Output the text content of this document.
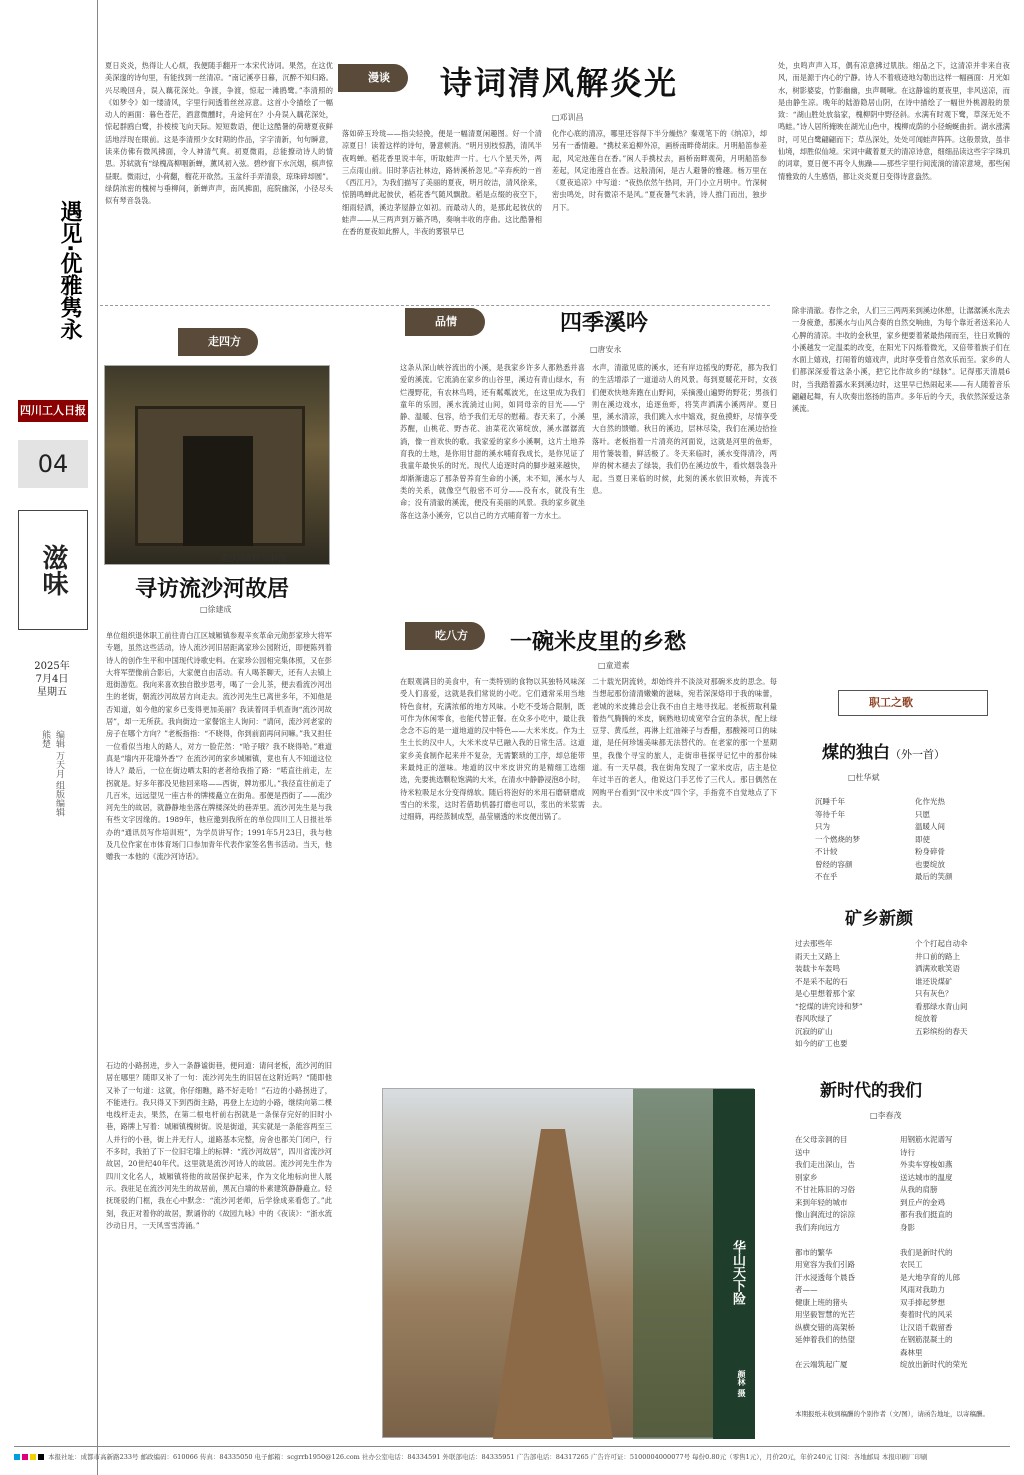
遇见·优雅隽永
四川工人日报
04
滋味
2025年
7月4日
星期五
编辑 万天月 组版编辑 熊楚
夏日炎炎，热得让人心烦，我便随手翻开一本宋代诗词。果然，在这优美深邃的诗句里，有能找到一丝清凉。“南记溪亭日暮，沉醉不知归路。兴尽晚回舟，误入藕花深处。争渡，争渡，惊起一滩鸥鹭。”李清照的《如梦令》如一缕清风，字里行间透着丝丝凉意。这首小令描绘了一幅动人的画面：暮色苍茫，酒意微醺时，舟途何在？小舟误入藕花深处，惊起群鸥白鹭，扑棱棱飞向天际。短短数语，便让这酷暑的荷塘夏夜鲜活地浮现在眼前。这是李清照少女时期的作品，字字清新，句句瞬意，读来仿佛有微风拂面，令人神清气爽。初夏微雨，总能撩动诗人的情思。苏轼就有“绿槐高柳咽新蝉，薰风初入弦。碧纱窗下水沉烟，棋声惊昼眠。微雨过，小荷翻，榴花开欲然。玉盆纤手弄清泉，琼珠碎却圆”。绿荫浓密的槐树与垂柳间，新蝉声声，南风拂面，庭院幽深，小径尽头似有琴音袅袅。
漫谈	诗词清风解炎光
□邓训昌
落如碎玉玲珑——指尖轻挽，便是一幅清夏闲趣图。好一个清凉夏日！读着这样的诗句，暑意顿消。“明月别枝惊鹊，清风半夜鸣蝉。稻花香里说丰年，听取蛙声一片。七八个星天外，两三点雨山前。旧时茅店社林边，路转溪桥忽见。”辛弃疾的一首《西江月》，为我们描写了美丽的夏夜，明月皎洁，清风徐来，惊鹊鸣蝉此起彼伏，稻花香气随风飘散。稻是点缀的夜空下，细雨轻洒，溪边茅屋静立如初。而最动人的，是那此起彼伏的蛙声——从三两声到万籁齐鸣，奏响丰收的序曲。这比酷暑相在香的夏夜如此醉人，半夜的雾银早已
化作心底的清凉，哪里还容得下半分燥热？秦观笔下的《纳凉》，却另有一番情趣。“携杖来追柳外凉，画桥南畔倚胡床。月明船笛参差起，风定池莲自在香。”闲人手携杖去，画桥南畔观荷，月明船笛参差起，风定池莲自在香。这般清闲，是古人避暑的雅趣。杨万里在《夏夜追凉》中写道：“夜热依然午热同，开门小立月明中。竹深树密虫鸣处，时有微凉不是风。”夏夜暑气未消，诗人推门而出，独步月下。
处，虫鸣声声入耳，偶有凉意拂过肌肤。细品之下，这清凉并非来自夜风，而是源于内心的宁静。诗人不着痕迹地勾勒出这样一幅画面：月光如水，树影婆娑，竹影幽幽，虫声啁啾。在这静谧的夏夜里，非风送凉，而是由静生凉。晚年的陆游隐居山阴，在诗中描绘了一幅世外桃源般的景致：“湖山胜处放翁家，槐柳阴中野径斜。水满有时观下鹭，草深无处不鸣蛙。”诗人居所掩映在湖光山色中，槐柳成荫的小径蜿蜒曲折。湖水涨满时，可见白鹭翩翩而下；草丛深处，处处可闻蛙声阵阵。这般景致，虽非仙境，却胜似仙境。宋词中藏着夏天的清凉诗意，细细品读这些字字珠玑的词章，夏日便不再令人焦躁——那些字里行间流淌的清凉意境，那些闲情雅致的人生感悟，都让炎炎夏日变得诗意盎然。
走四方
流沙河故居 资料图
寻访流沙河故居
□徐建成
单位组织退休职工前往青白江区城厢镇参观辛亥革命元勋彭家珍大将军专题，虽然这些活动，诗人流沙河旧居距离家珍公园附近，即便陈列着诗人的创作生平和中国现代诗歌史料。在家珍公园相完集体照，又在彭大将军塑像前合影后，大家便自由活动。有人喝茶聊天，还有人去镇上逛街游览。我向来喜欢独自散步思考，喝了一会儿茶，便去看流沙河出生的老街，朝流沙河故居方向走去。流沙河先生已离世多年，不知他是否知道，如今他的家乡已变得更加美丽？我读着同手机查询“流沙河故居”，却一无所获。我向街边一家餐馆主人询问：“请问，流沙河老家的房子在哪个方向？”老板指指：“不晓得，你到前面再问问嘛。”我又担任一位看似当地人的路人，对方一脸茫然：“哈子哦？我不晓得哈。”难道真是“墙内开花墙外香”？在流沙河的家乡城厢镇，竟也有人不知道这位诗人？最后，一位在街边晒太阳的老者给我指了路：“喏直往前走，左拐就是。好多年都没见他回来咯——西街，牌坊那儿。”我径直往前走了几百米，远远望见一座古朴的牌楼矗立在街角。那便是西街了——流沙河先生的故居，就静静地坐落在牌楼深处的巷弄里。流沙河先生是与我有些文字因缘的。1989年，他应邀到我所在的单位四川工人日报社举办的“通讯员写作培训班”，为学员讲写作；1991年5月23日，我与他及几位作家在市体育场门口参加青年代表作家签名售书活动。当天，他赠我一本他的《流沙河诗话》。
石边的小路拐进，步入一条静谧街巷，便问道：请问老板，流沙河的旧居在哪里？随即又补了一句：流沙河先生的旧居在这附近吗？“随即他又补了一句道：这就，你仔细瞧，路不好走哈！”石边的小路拐进了，不能进行。我只得又下到西街主路，再登上左边的小路，继续向第二棵电线杆走去，果然，在第二根电杆前右拐就是一条保存完好的旧时小巷，路牌上写着：城厢镇槐树街。说是街道，其实就是一条能容两至三人并行的小巷，街上并无行人，道路基本完整，房舍也都关门闭户，行不多时，我拍了下一位旧宅墙上的标牌：“流沙河故居”，四川省流沙河故居，20世纪40年代。这里就是流沙河诗人的故居。流沙河先生作为四川文化名人，城厢镇将他的故居保护起来，作为文化地标向世人展示。我驻足在流沙河先生的故居前，黑瓦白墙的朴素建筑静静矗立。轻抚斑驳的门框，我在心中默念：“流沙河老师，后学徐成来看您了。”此刻，我正对着你的故居，默诵你的《故园九咏》中的《夜读》：“浙水流沙动日月，一天风雪雪涛涌。”
品情	四季溪吟
□唐安永
这条从深山峡谷流出的小溪，是我家乡许多人都熟悉并喜爱的溪流。它流淌在家乡的山谷里，溪边有青山绿水，有烂漫野花，有农林鸟鸣，还有粼粼波光，在这里成为我们童年的乐园，溪水流淌过山间，如同母亲的目光——宁静、温暖、包容，给予我们无尽的慰藉。春天来了，小溪苏醒，山桃花、野杏花、油菜花次第绽放，溪水潺潺流淌，像一首欢快的歌。我家爱的家乡小溪啊，这片土地养育我的土地，是你用甘甜的溪水哺育我成长，是你见证了我童年最快乐的时光。现代人追逐时尚的脚步越来越快，却渐渐遗忘了那条曾养育生命的小溪，未不知，溪水与人类的关系，就像空气般密不可分——没有水，就没有生命；没有清澈的溪流，便没有美丽的风景。我的家乡就坐落在这条小溪旁，它以自己的方式哺育着一方水土。
水声，清澈见底的溪水，还有岸边摇曳的野花，都为我们的生活增添了一道道动人的风景。每到夏暖花开时，女孩们便欢快地奔跑在山野间，采摘漫山遍野的野花；男孩们则在溪边戏水，追逐鱼虾，将笑声洒满小溪两岸。夏日里，溪水清凉，我们跳入水中嬉戏，捉鱼摸虾，尽情享受大自然的馈赠。秋日的溪边，层林尽染，我们在溪边拾捡落叶。老板指着一片清亮的河面说，这就是河里的鱼虾，用竹篓装着，鲜活极了。冬天来临时，溪水变得清冷，两岸的树木褪去了绿装，我们仍在溪边放牛，看炊烟袅袅升起。当夏日来临的时候，此刻的溪水依旧欢畅，奔流不息。
除非清澈。春作之余，人们三三两两来到溪边休憩，让潺潺溪水洗去一身疲惫，那溪水与山风合奏的自然交响曲，为每个靠近者送来沁人心脾的清凉。丰收的金秋里，家乡便要着紧最热闹而至，往日欢腾的小溪越发一定温柔的改变，在阳光下闪烁着微光，又倍带着族子们在水面上嬉戏，打闹着的嬉戏声，此时享受着自然欢乐而至。家乡的人们都深深爱着这条小溪，把它比作故乡的“绿脉”。记得那天清晨6时，当我踏着露水来到溪边时，这里早已热闹起来——有人随着音乐翩翩起舞，有人吹奏出悠扬的笛声。多年后的今天，我依然深爱这条溪流。
吃八方	一碗米皮里的乡愁
□童道素
在眼观满目的美食中，有一类特别的食物以其独特风味深受人们喜爱，这就是我们常说的小吃。它们通常采用当地特色食材，充满浓郁的地方风味。小吃不受场合限制，既可作为休闲零食，也能代替正餐。在众多小吃中，最让我念念不忘的是一道地道的汉中特色——大米米皮。作为土生土长的汉中人，大米米皮早已融入我的日常生活。这道家乡美食制作起来并不复杂，无需繁琐的工序，却总能带来最纯正的滋味。地道的汉中米皮讲究的是精细工选细选，先要挑选颗粒饱满的大米，在清水中静静浸泡8小时，待米粒吸足水分变得绵软。随后将泡好的米用石磨研磨成雪白的米浆，这时若借助机器打磨也可以，浆出的米浆需过细筛，再经蒸制成型，晶莹剔透的米皮便出锅了。
二十载光阴流转，却始终并不淡淡对那碗米皮的思念。每当想起那份清清嫩嫩的滋味，宛若深深烙印于我的味蕾，老城的米皮摊总会让我不由自主地寻找起。老板捞取利量着热气腾腾的米皮，娴熟地切成宽窄合宜的条状，配上绿豆芽、黄瓜丝，再淋上红油辣子与香醋，那酸辣可口的味道，是任何珍馐美味都无法替代的。在老家的那一个星期里，我像个寻宝的旅人，走街串巷探寻记忆中的那份味道。有一天早晨，我在街角发现了一家米皮店，店主是位年过半百的老人，他说这门手艺传了三代人。那日偶然在网购平台看到“汉中米皮”四个字，手指竟不自觉地点了下去。
华山天下险
颜林 摄
职工之歌
煤的独白（外一首）
□杜华斌
沉睡千年
等待千年
只为
一个燃烧的梦
不计较
曾经的容颜
不在乎
化作光热
只愿
温暖人间
即使
粉身碎骨
也要绽放
最后的笑颜
矿乡新颜
过去那些年
雨天土又路上
装载卡车轰鸣
不是采不起的石
是心里想着那个家
“挖煤的讲究诗和梦”
春风吹绿了
沉寂的矿山
如今的矿工也要
个个打起自动伞
井口前的路上
洒满欢歌笑语
谁还说煤矿
只有灰色？
看那绿水青山间
绽放着
五彩缤纷的春天
新时代的我们
□李春茂
在父母亲洞的目
送中
我们走出深山，告
别家乡
不甘社陈旧的习俗
来到年轻的城市
像山涧流过的淙淙
我们奔向远方

都市的繁华
用宽容为我们引路
汗水浸透每个晨昏
者——
健康上班的猪头
用坚毅智慧的光芒
纵横交错的高架桥
延伸着我们的热望

在云端筑起广厦
用钢筋水泥谱写
诗行
外卖车穿梭如燕
送达城市的温度
从我的肩膀
到丘卢的金鸡
都有我们挺直的
身影

我们是新时代的
农民工
是大地孕育的儿郎
风雨对我助力
双手捧起梦想
奏着时代的风采
让汉语千载留香
在钢筋混凝土的
森林里
绽放出新时代的荣光
本期报纸未收到稿酬的个别作者（文/图），请函告地址，以寄稿酬。
本报社址：成都市高新路233号 邮政编码：610066 传真：84335050 电子邮箱：scgrrb1950@126.com 社办公室电话：84334591 外联部电话：84335951 广告部电话：84317265 广告许可证：5100004000077号 每份0.80元（零售1元），月价20元，年价240元 订阅：各地邮局 本报印刷厂印刷
